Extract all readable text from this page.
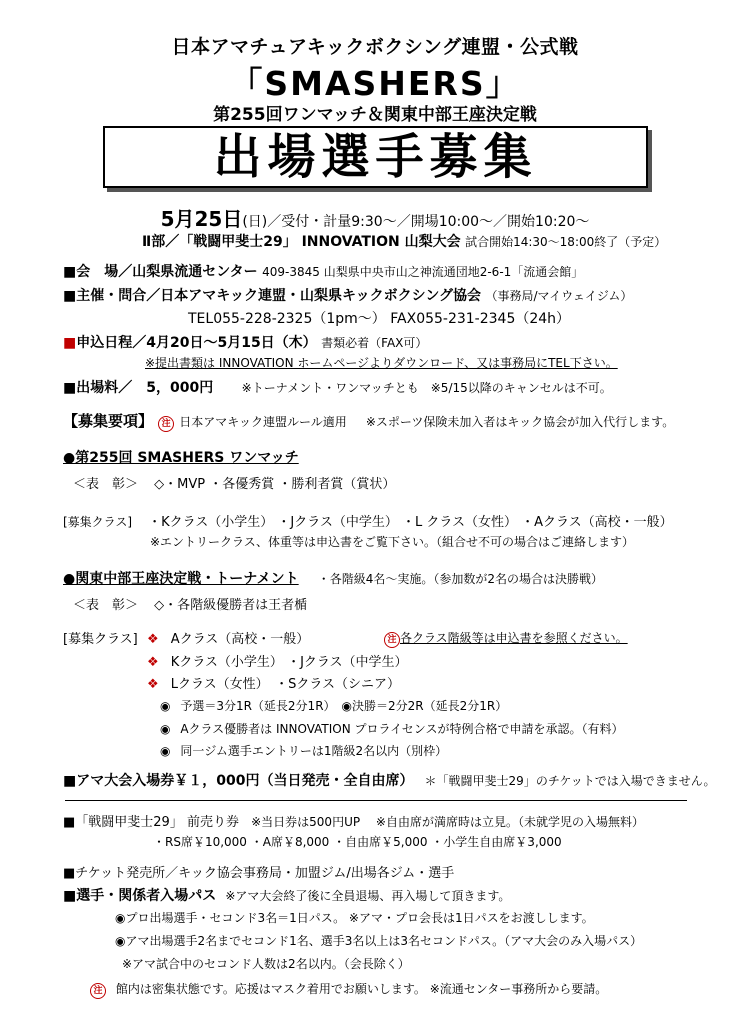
日本アマチュアキックボクシング連盟・公式戦
「SMASHERS」
第255回ワンマッチ＆関東中部王座決定戦
出場選手募集
5月25日(日)／受付・計量9:30～／開場10:00～／開始10:20～
Ⅱ部／「戦闘甲斐士29」 INNOVATION 山梨大会 試合開始14:30～18:00終了（予定）
■会　場／山梨県流通センター 409-3845 山梨県中央市山之神流通団地2-6-1「流通会館」
■主催・問合／日本アマキック連盟・山梨県キックボクシング協会 （事務局/マイウェイジム）
TEL055-228-2325（1pm～） FAX055-231-2345（24h）
■申込日程／4月20日～5月15日（木） 書類必着（FAX可）
※提出書類は INNOVATION ホームページよりダウンロード、又は事務局にTEL下さい。
■出場料／　5，000円 ※トーナメント・ワンマッチとも　※5/15以降のキャンセルは不可。
【募集要項】 注 日本アマキック連盟ルール適用 ※スポーツ保険未加入者はキック協会が加入代行します。
●第255回 SMASHERS ワンマッチ
＜表　彰＞ ◇・MVP ・各優秀賞 ・勝利者賞（賞状）
[募集クラス] ・Kクラス（小学生） ・Jクラス（中学生） ・L クラス（女性） ・Aクラス（高校・一般）
※エントリークラス、体重等は申込書をご覧下さい。（組合せ不可の場合はご連絡します）
●関東中部王座決定戦・トーナメント ・各階級4名～実施。（参加数が2名の場合は決勝戦）
＜表　彰＞ ◇・各階級優勝者は王者楯
[募集クラス] ❖ Aクラス（高校・一般）	注 各クラス階級等は申込書を参照ください。
❖ Kクラス（小学生） ・Jクラス（中学生）
❖ Lクラス（女性）　・Sクラス（シニア）
◉ 予選＝3分1R（延長2分1R）　◉決勝＝2分2R（延長2分1R）
◉ Aクラス優勝者は INNOVATION プロライセンスが特例合格で申請を承認。（有料）
◉ 同一ジム選手エントリーは1階級2名以内（別枠）
■アマ大会入場券￥１，000円（当日発売・全自由席） ＊「戦闘甲斐士29」のチケットでは入場できません。
■「戦闘甲斐士29」 前売り券 ※当日券は500円UP　 ※自由席が満席時は立見。（未就学児の入場無料）
・RS席￥10,000 ・A席￥8,000 ・自由席￥5,000 ・小学生自由席￥3,000
■チケット発売所／キック協会事務局・加盟ジム/出場各ジム・選手
■選手・関係者入場パス ※アマ大会終了後に全員退場、再入場して頂きます。
◉プロ出場選手・セコンド3名＝1日パス。 ※アマ・プロ会長は1日パスをお渡しします。
◉アマ出場選手2名までセコンド1名、選手3名以上は3名セコンドパス。（アマ大会のみ入場パス）
※アマ試合中のセコンド人数は2名以内。（会長除く）
注 館内は密集状態です。応援はマスク着用でお願いします。 ※流通センター事務所から要請。
